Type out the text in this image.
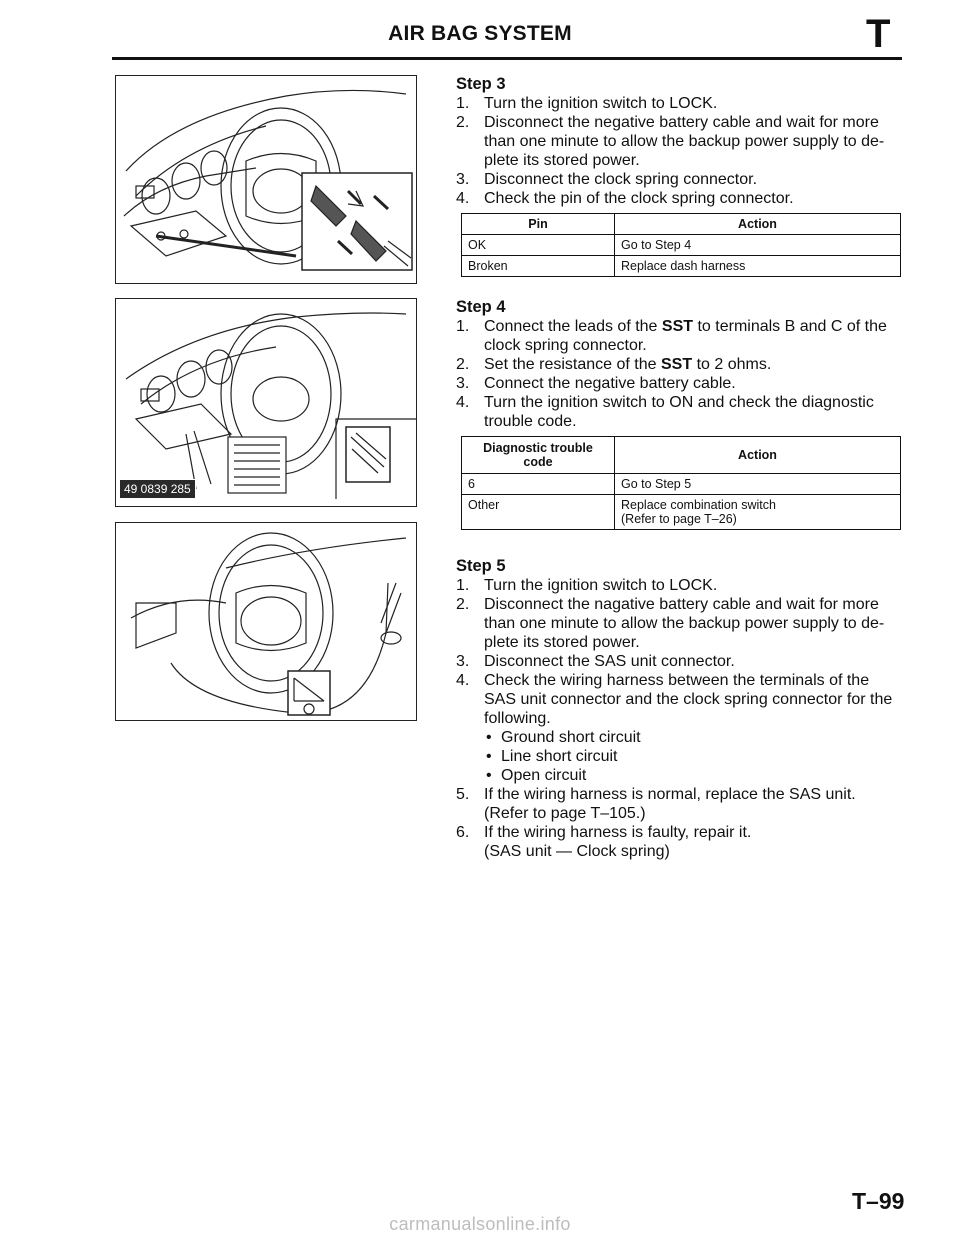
AIR BAG SYSTEM	T
49 0839 285
Step 3
1. Turn the ignition switch to LOCK.
2. Disconnect the negative battery cable and wait for more than one minute to allow the backup power supply to de-plete its stored power.
3. Disconnect the clock spring connector.
4. Check the pin of the clock spring connector.
Pin	Action
OK	Go to Step 4
Broken	Replace dash harness
Step 4
1. Connect the leads of the SST to terminals B and C of the clock spring connector.
2. Set the resistance of the SST to 2 ohms.
3. Connect the negative battery cable.
4. Turn the ignition switch to ON and check the diagnostic trouble code.
Diagnostic trouble code	Action
6	Go to Step 5

Other	Replace combination switch
(Refer to page T–26)
Step 5
1. Turn the ignition switch to LOCK.
2. Disconnect the nagative battery cable and wait for more than one minute to allow the backup power supply to de-plete its stored power.
3. Disconnect the SAS unit connector.
4. Check the wiring harness between the terminals of the SAS unit connector and the clock spring connector for the following.
• Ground short circuit
• Line short circuit
• Open circuit
5. If the wiring harness is normal, replace the SAS unit.
(Refer to page T–105.)
6. If the wiring harness is faulty, repair it.
(SAS unit — Clock spring)
T–99
carmanualsonline.info
